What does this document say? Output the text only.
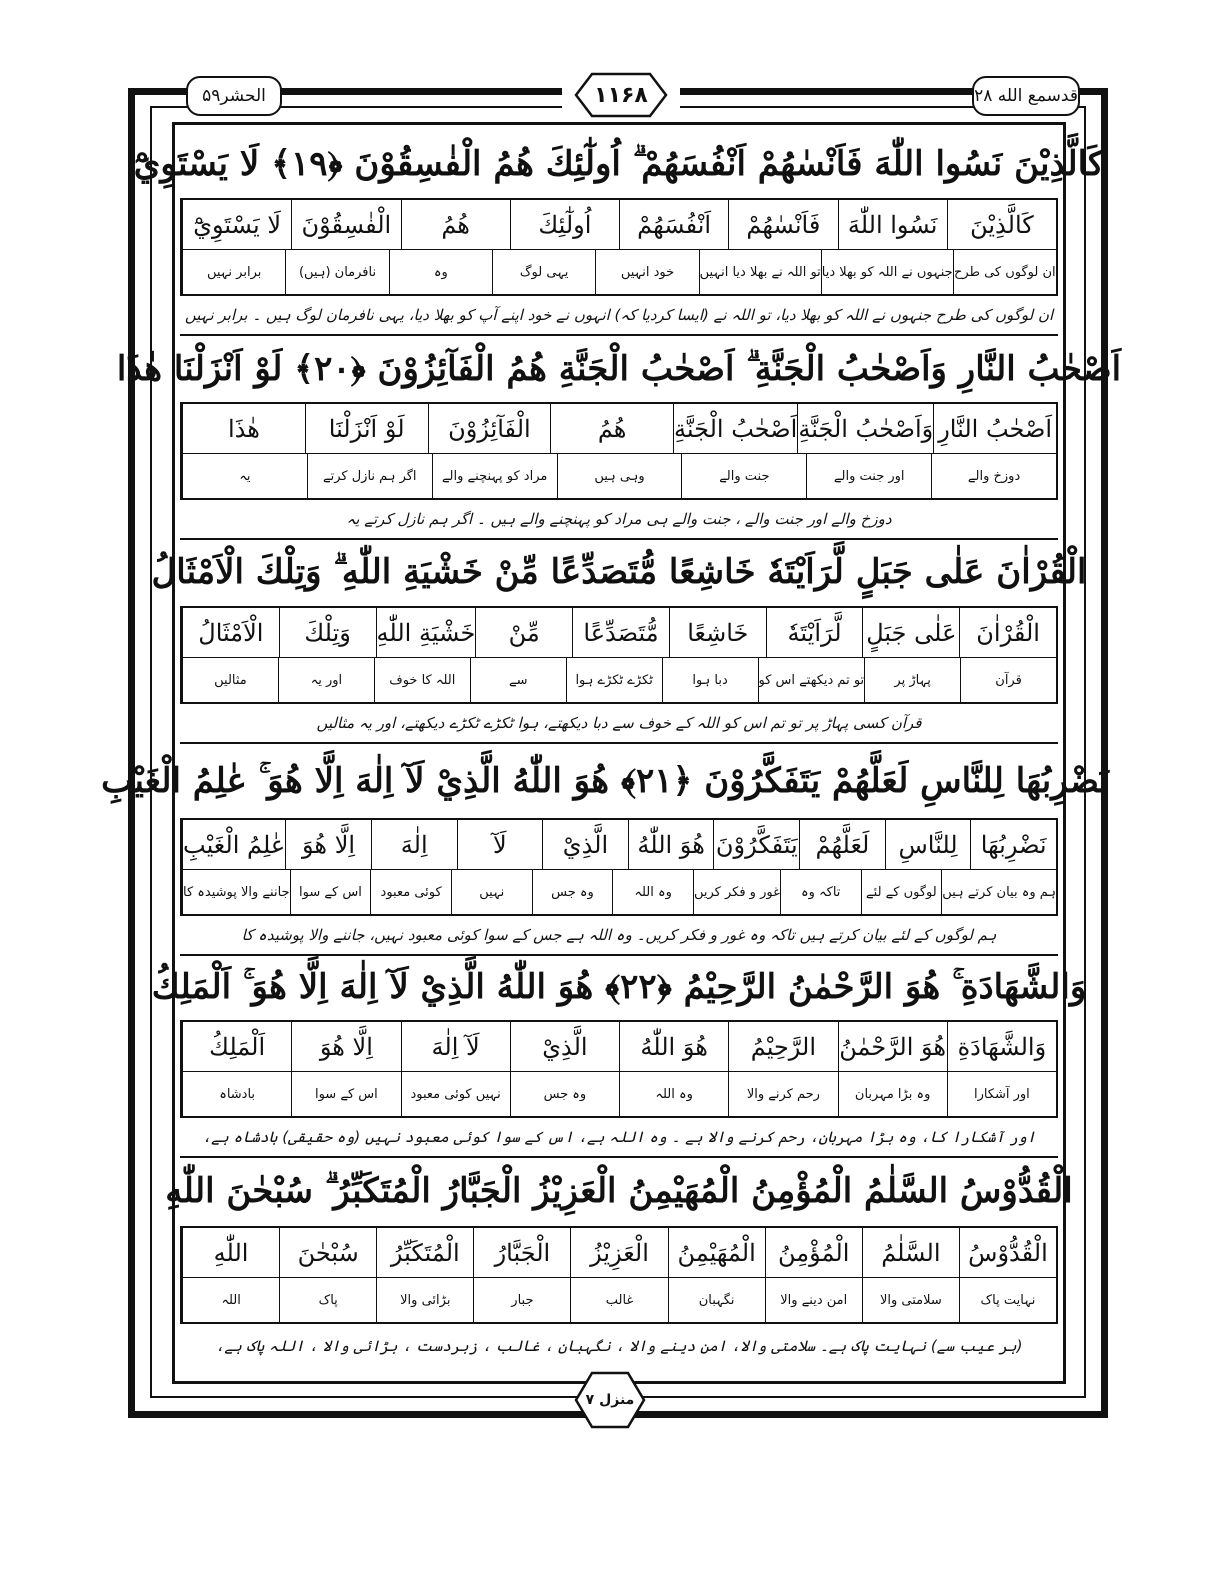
الحشر۵۹	قدسمع الله ۲۸
۱۱۶۸
كَالَّذِيْنَ نَسُوا اللّٰهَ فَاَنْسٰهُمْ اَنْفُسَهُمْ ۗ اُولٰٓئِكَ هُمُ الْفٰسِقُوْنَ ﴿۱۹﴾ لَا يَسْتَوِيْٓ
كَالَّذِيْنَ
نَسُوا اللّٰهَ
فَاَنْسٰهُمْ
اَنْفُسَهُمْ
اُولٰٓئِكَ
هُمُ
الْفٰسِقُوْنَ
لَا يَسْتَوِيْٓ
ان لوگوں کی طرح
جنہوں نے اللہ کو بھلا دیا
تو اللہ نے بھلا دیا انہیں
خود انہیں
یہی لوگ
وہ
نافرمان (ہیں)
برابر نہیں
ان لوگوں کی طرح جنہوں نے اللہ کو بھلا دیا، تو اللہ نے (ایسا کردیا کہ) انہوں نے خود اپنے آپ کو بھلا دیا، یہی نافرمان لوگ ہیں ۔ برابر نہیں
اَصْحٰبُ النَّارِ وَاَصْحٰبُ الْجَنَّةِ ۗ اَصْحٰبُ الْجَنَّةِ هُمُ الْفَآئِزُوْنَ ﴿۲۰﴾ لَوْ اَنْزَلْنَا هٰذَا
اَصْحٰبُ النَّارِ
وَاَصْحٰبُ الْجَنَّةِ
اَصْحٰبُ الْجَنَّةِ
هُمُ
الْفَآئِزُوْنَ
لَوْ اَنْزَلْنَا
هٰذَا
دوزخ والے
اور جنت والے
جنت والے
وہی ہیں
مراد کو پہنچنے والے
اگر ہم نازل کرتے
یہ
دوزخ والے اور جنت والے ، جنت والے ہی مراد کو پہنچنے والے ہیں ۔ اگر ہم نازل کرتے یہ
الْقُرْاٰنَ عَلٰى جَبَلٍ لَّرَاَيْتَهٗ خَاشِعًا مُّتَصَدِّعًا مِّنْ خَشْيَةِ اللّٰهِ ۗ وَتِلْكَ الْاَمْثَالُ
الْقُرْاٰنَ
عَلٰى جَبَلٍ
لَّرَاَيْتَهٗ
خَاشِعًا
مُّتَصَدِّعًا
مِّنْ
خَشْيَةِ اللّٰهِ
وَتِلْكَ
الْاَمْثَالُ
قرآن
پہاڑ پر
تو تم دیکھتے اس کو
دبا ہوا
ٹکڑے ٹکڑے ہوا
سے
اللہ کا خوف
اور یہ
مثالیں
قرآن کسی پہاڑ پر تو تم اس کو اللہ کے خوف سے دبا دیکھتے، ہوا ٹکڑے ٹکڑے دیکھتے، اور یہ مثالیں
نَضْرِبُهَا لِلنَّاسِ لَعَلَّهُمْ يَتَفَكَّرُوْنَ ﴿۲۱﴾ هُوَ اللّٰهُ الَّذِيْ لَآ اِلٰهَ اِلَّا هُوَ ۚ عٰلِمُ الْغَيْبِ
نَضْرِبُهَا
لِلنَّاسِ
لَعَلَّهُمْ
يَتَفَكَّرُوْنَ
هُوَ اللّٰهُ
الَّذِيْ
لَآ
اِلٰهَ
اِلَّا هُوَ
عٰلِمُ الْغَيْبِ
ہم وہ بیان کرتے ہیں
لوگوں کے لئے
تاکہ وہ
غور و فکر کریں
وہ اللہ
وہ جس
نہیں
کوئی معبود
اس کے سوا
جاننے والا پوشیدہ کا
ہم لوگوں کے لئے بیان کرتے ہیں تاکہ وہ غور و فکر کریں۔ وہ اللہ ہے جس کے سوا کوئی معبود نہیں، جاننے والا پوشیدہ کا
وَالشَّهَادَةِ ۚ هُوَ الرَّحْمٰنُ الرَّحِيْمُ ﴿۲۲﴾ هُوَ اللّٰهُ الَّذِيْ لَآ اِلٰهَ اِلَّا هُوَ ۚ اَلْمَلِكُ
وَالشَّهَادَةِ
هُوَ الرَّحْمٰنُ
الرَّحِيْمُ
هُوَ اللّٰهُ
الَّذِيْ
لَآ اِلٰهَ
اِلَّا هُوَ
اَلْمَلِكُ
اور آشکارا
وہ بڑا مہربان
رحم کرنے والا
وہ اللہ
وہ جس
نہیں کوئی معبود
اس کے سوا
بادشاہ
اور آشکارا کا، وہ بڑا مہربان، رحم کرنے والا ہے ۔ وہ اللہ ہے، اس کے سوا کوئی معبود نہیں (وہ حقیقی) بادشاہ ہے،
الْقُدُّوْسُ السَّلٰمُ الْمُؤْمِنُ الْمُهَيْمِنُ الْعَزِيْزُ الْجَبَّارُ الْمُتَكَبِّرُ ۗ سُبْحٰنَ اللّٰهِ
الْقُدُّوْسُ
السَّلٰمُ
الْمُؤْمِنُ
الْمُهَيْمِنُ
الْعَزِيْزُ
الْجَبَّارُ
الْمُتَكَبِّرُ
سُبْحٰنَ
اللّٰهِ
نہایت پاک
سلامتی والا
امن دینے والا
نگہبان
غالب
جبار
بڑائی والا
پاک
اللہ
(ہر عیب سے) نہایت پاک ہے۔ سلامتی والا، امن دینے والا ، نگہبان ، غالب ، زبردست ، بڑائی والا ، اللہ پاک ہے،
منزل ۷
